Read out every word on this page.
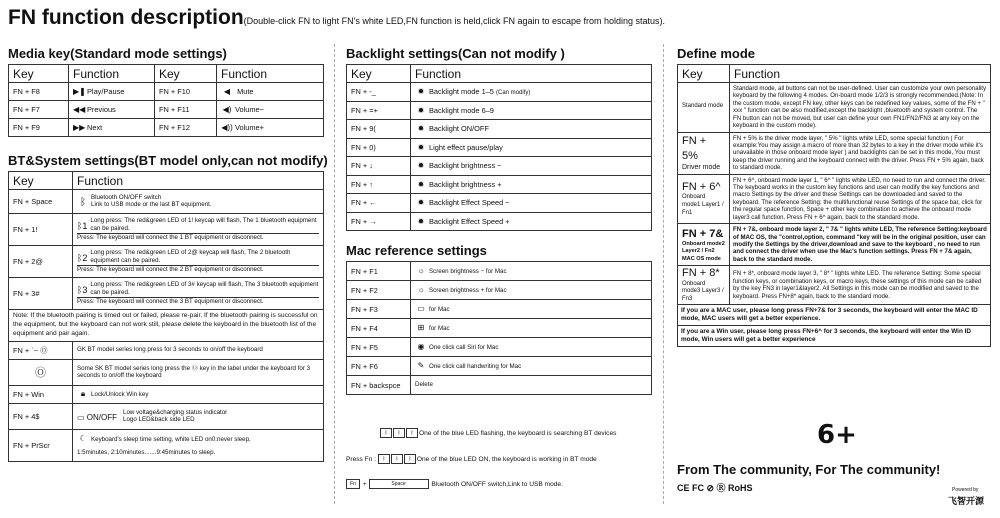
FN function description(Double-click FN to light FN's white LED,FN function is held,click FN again to escape from holding status).
Media key(Standard mode settings)
Key	Function	Key	Function
FN + F8	▶❚Play/Pause	FN + F10	◀ Mute
FN + F7	◀◀ Previous	FN + F11	◀) Volume−
FN + F9	▶▶ Next	FN + F12	◀)) Volume+
BT&System settings(BT model only,can not modify)
Key	Function
FN + Space	ᛒ Bluetooth ON/OFF switch
Link to USB mode or the last BT equipment.

FN + 1!	ᛒ1
Long press: The red&green LED of 1! keycap will flash, The 1 bluetooth equipment can be paired.
Press: The keyboard will connect the 1 BT equipment or disconnect.

FN + 2@	ᛒ2
Long press: The red&green LED of 2@ keycap will flash, The 2 bluetooth equipment can be paired.
Press: The keyboard will connect the 2 BT equipment or disconnect.

FN + 3#	ᛒ3
Long press: The red&green LED of 3# keycap will flash, The 3 bluetooth equipment can be paired.
Press: The keyboard will connect the 3 BT equipment or disconnect.

Note: If the bluetooth pairing is timed out or failed, please re-pair. If the bluetooth pairing is successful on the equipment, but the keyboard can not work still, please delete the keyboard in the bluetooth list of the equipment and pair again.	
FN + `~ Ⓞ	GK BT model series long press for 3 seconds to on/off the keyboard
Ⓞ	Some SK BT model series long press the Ⓞ key in the label under the keyboard for 3 seconds to on/off the keyboard
FN + Win	🔒︎ Lock/Unlock Win key
FN + 4$	▭ ON/OFF
Low voltage&charging status indicator
Logo LED&back side LED

FN + PrScr	☾ Keyboard's sleep time setting, white LED on0:never sleep,
1:5minutes, 2:10minutes.......9:45minutes to sleep.
Backlight settings(Can not modify )
Key	Function
FN + -_	✹ Backlight mode 1–5 (Can modify)
FN + =+	✹ Backlight mode 6–9
FN + 9(	✹ Backlight ON/OFF
FN + 0)	✹ Light effect pause/play
FN + ↓	✹ Backlight brightness −
FN + ↑	✹ Backlight brightness +
FN + ←	✹ Backlight Effect Speed −
FN + →	✹ Backlight Effect Speed +
Mac reference settings
FN + F1	☼ Screen brightness − for Mac
FN + F2	☼ Screen brightness + for Mac
FN + F3	▭ for Mac
FN + F4	⊞ for Mac
FN + F5	◉ One click call Siri for Mac
FN + F6	✎ One click call handwriting for Mac
FN + backspce	Delete
ᛒ ᛒ ᛒ One of the blue LED flashing, the keyboard is searching BT devices
Press Fn : ᛒ ᛒ ᛒ One of the blue LED ON, the keyboard is working in BT mode
Fn +	Space	Bluetooth ON/OFF switch,Link to USB mode.
Define mode
Key	Function
Standard mode	Standard mode, all buttons can not be user-defined. User can customize your own personality keyboard by the following 4 modes. On-board mode 1/2/3 is strongly recommended.(Note: In the custom mode, except FN key, other keys can be redefined key values, some of the FN + " xxx " function can be also modified,except the backlight ,bluetooth and system control. The FN button can not be moved, but user can define your own FN1/FN2/FN3 at any key on the keyboard in the custom mode).

FN + 5%
Driver mode	FN + 5% is the driver mode layer, " 5% " lights white LED, some special function ( For example:You may assign a macro of more than 32 bytes to a key in the driver mode while it's unavailable in those onboard mode layer ) and backlights can be set in this mode, You must keep the driver running and the keyboard connect with the driver. Press FN + 5% again, back to standard mode.

FN + 6^
Onboard mode1 Layer1 / Fn1	FN + 6^, onboard mode layer 1, " 6^ " lights white LED, no need to run and connect the driver. The keyboard works in the custom key functions and user can modify the key functions and macro Settings by the driver and these Settings can be downloaded and saved to the keyboard. The reference Setting: the multifunctional reuse Settings of the space bar, click for the regular space function, Space + other key combination to achieve the onboard mode layer3 call function. Press FN + 6^ again, back to the standard mode.

FN + 7&
Onboard mode2 Layer2 / Fn2 MAC OS mode	FN + 7&, onboard mode layer 2, " 7& " lights white LED, The reference Setting:keyboard of MAC OS, the "control,option, command "key will be in the original position, user can modify the Settings by the driver,download and save to the keyboard , no need to run and connect the driver when use the Mac's function settings. Press FN + 7& again, back to the standard mode.

FN + 8*
Onboard mode3 Layer3 / Fn3	FN + 8*, onboard mode layer 3, " 8* " lights white LED. The reference Setting: Some special function keys, or combination keys, or macro keys, these settings of this mode can be called by the key FN3 in layer1&layer2. All Settings in this mode can be modified and saved to the keyboard. Press FN+8* again, back to the standard mode.
If you are a MAC user, please long press FN+7& for 3 seconds, the keyboard will enter the MAC ID mode, MAC users will get a better experience.	
If you are a Win user, please long press FN+6^ for 3 seconds, the keyboard will enter the Win ID mode, Win users will get a better experience	
6+
From The community, For The community!
CE FC ⊘ Ⓡ RoHS	Powered by
飞智开源
